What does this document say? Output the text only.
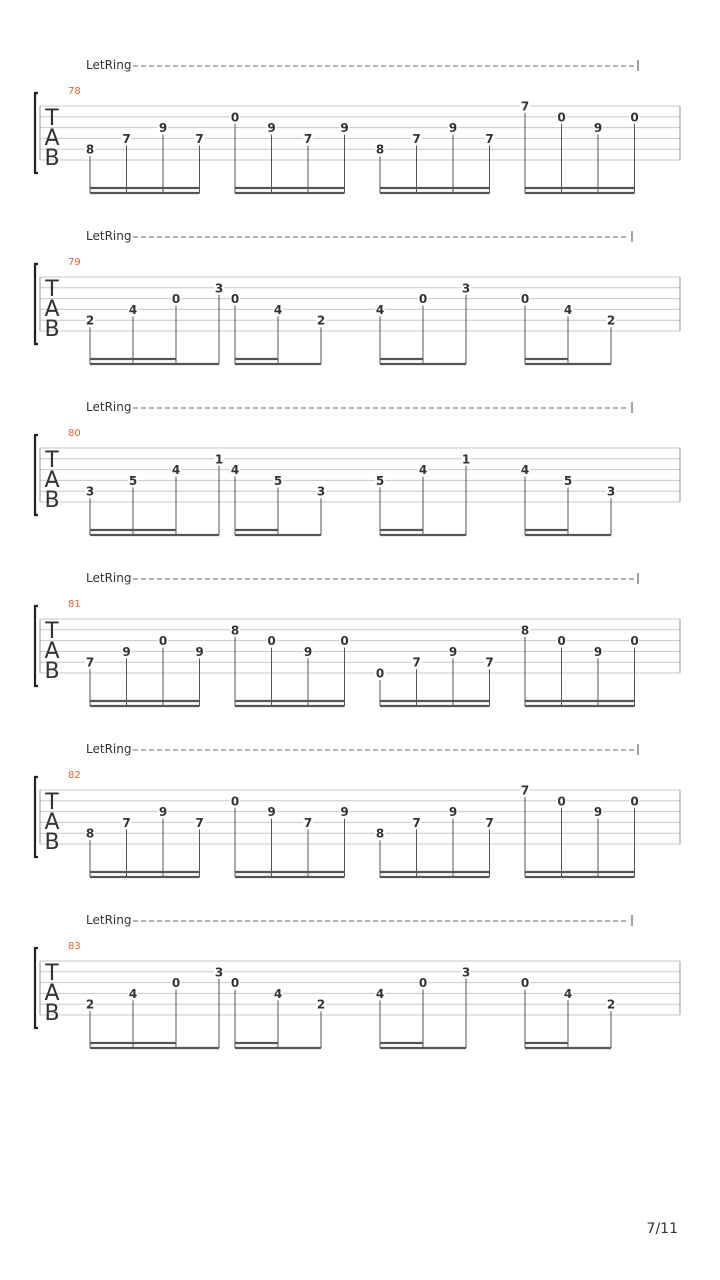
LetRing
78
T
A
B 8
7
9
7
0
9
7
9
8
7
9
7
7
0
9
0
LetRing
79
T
A
B 2
4
0
3
0
4
2
4
0
3
0
4
2
LetRing
80
T
A
B 3
5
4
1
4
5
3
5
4
1
4
5
3
LetRing
81
T
A
B 7
9
0
9
8
0
9
0
0
7
9
7
8
0
9
0
LetRing
82
T
A
B 8
7
9
7
0
9
7
9
8
7
9
7
7
0
9
0
LetRing
83
T
A
B 2
4
0
3
0
4
2
4
0
3
0
4
2
7/11
